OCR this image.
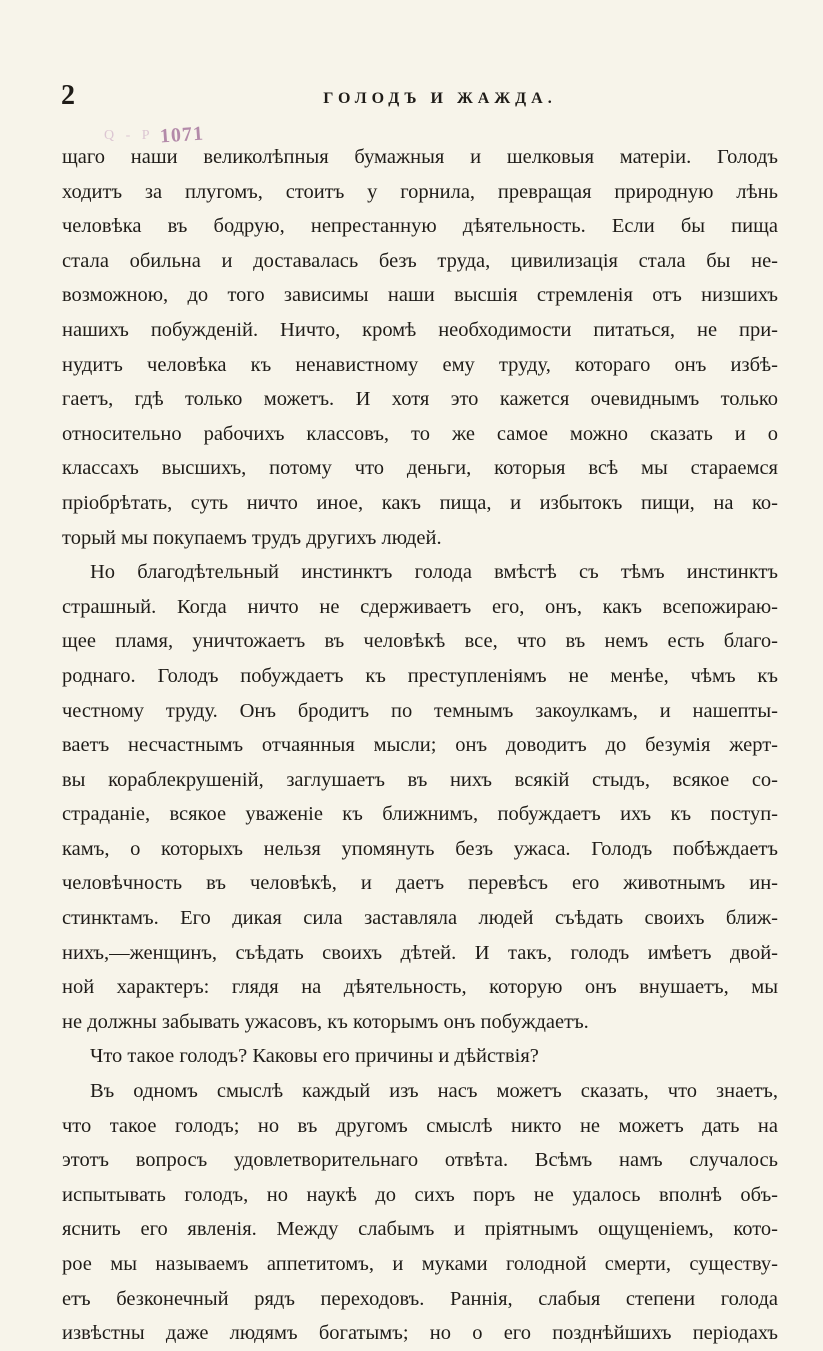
2	ГОЛОДЪ И ЖАЖДА.
Q - P 1071
щаго наши великолѣпныя бумажныя и шелковыя матеріи. Голодъ
ходитъ за плугомъ, стоитъ у горнила, превращая природную лѣнь
человѣка въ бодрую, непрестанную дѣятельность. Если бы пища
стала обильна и доставалась безъ труда, цивилизація стала бы не-
возможною, до того зависимы наши высшія стремленія отъ низшихъ
нашихъ побужденій. Ничто, кромѣ необходимости питаться, не при-
нудитъ человѣка къ ненавистному ему труду, котораго онъ избѣ-
гаетъ, гдѣ только можетъ. И хотя это кажется очевиднымъ только
относительно рабочихъ классовъ, то же самое можно сказать и о
классахъ высшихъ, потому что деньги, которыя всѣ мы стараемся
пріобрѣтать, суть ничто иное, какъ пища, и избытокъ пищи, на ко-
торый мы покупаемъ трудъ другихъ людей.
Но благодѣтельный инстинктъ голода вмѣстѣ съ тѣмъ инстинктъ
страшный. Когда ничто не сдерживаетъ его, онъ, какъ всепожираю-
щее пламя, уничтожаетъ въ человѣкѣ все, что въ немъ есть благо-
роднаго. Голодъ побуждаетъ къ преступленіямъ не менѣе, чѣмъ къ
честному труду. Онъ бродитъ по темнымъ закоулкамъ, и нашепты-
ваетъ несчастнымъ отчаянныя мысли; онъ доводитъ до безумія жерт-
вы кораблекрушеній, заглушаетъ въ нихъ всякій стыдъ, всякое со-
страданіе, всякое уваженіе къ ближнимъ, побуждаетъ ихъ къ поступ-
камъ, о которыхъ нельзя упомянуть безъ ужаса. Голодъ побѣждаетъ
человѣчность въ человѣкѣ, и даетъ перевѣсъ его животнымъ ин-
стинктамъ. Его дикая сила заставляла людей съѣдать своихъ ближ-
нихъ,—женщинъ, съѣдать своихъ дѣтей. И такъ, голодъ имѣетъ двой-
ной характеръ: глядя на дѣятельность, которую онъ внушаетъ, мы
не должны забывать ужасовъ, къ которымъ онъ побуждаетъ.
Что такое голодъ? Каковы его причины и дѣйствія?
Въ одномъ смыслѣ каждый изъ насъ можетъ сказать, что знаетъ,
что такое голодъ; но въ другомъ смыслѣ никто не можетъ дать на
этотъ вопросъ удовлетворительнаго отвѣта. Всѣмъ намъ случалось
испытывать голодъ, но наукѣ до сихъ поръ не удалось вполнѣ объ-
яснить его явленія. Между слабымъ и пріятнымъ ощущеніемъ, кото-
рое мы называемъ аппетитомъ, и муками голодной смерти, существу-
етъ безконечный рядъ переходовъ. Раннія, слабыя степени голода
извѣстны даже людямъ богатымъ; но о его позднѣйшихъ періодахъ
